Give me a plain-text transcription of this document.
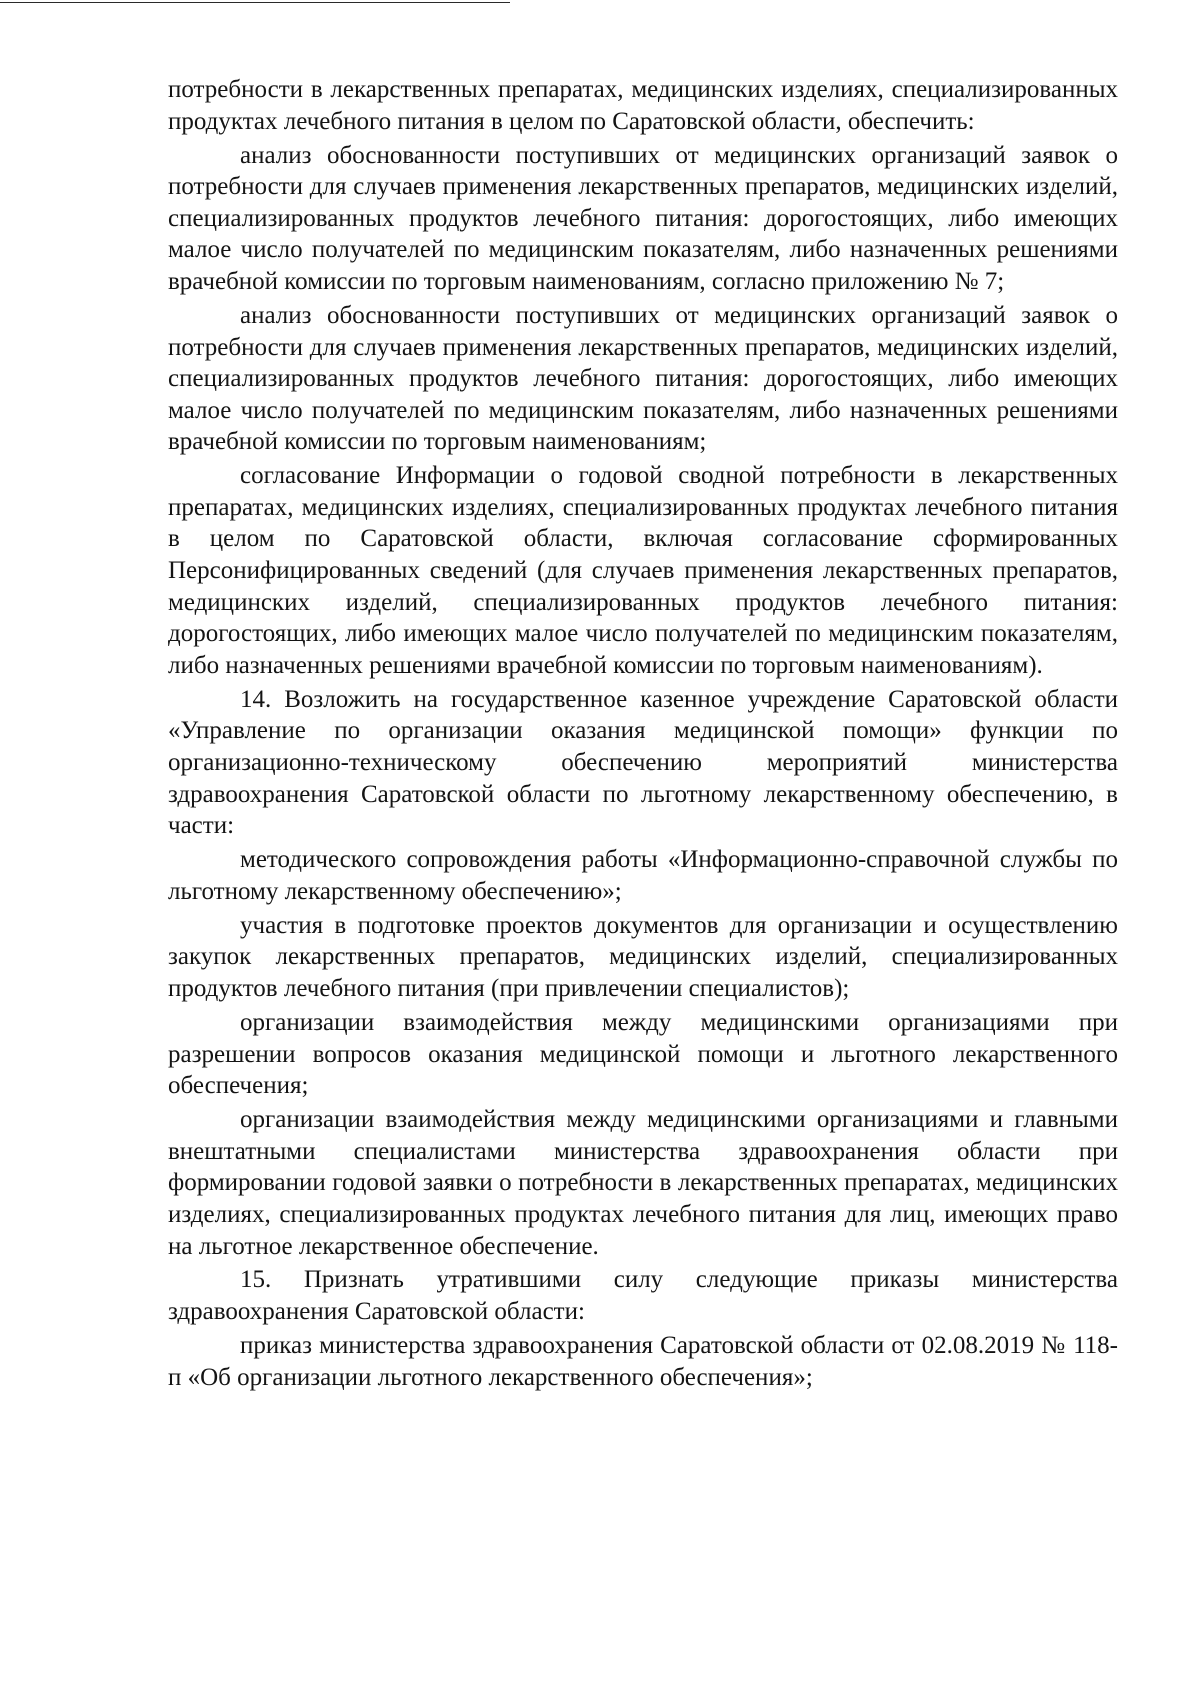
потребности в лекарственных препаратах, медицинских изделиях, специализированных продуктах лечебного питания в целом по Саратовской области, обеспечить:

анализ обоснованности поступивших от медицинских организаций заявок о потребности для случаев применения лекарственных препаратов, медицинских изделий, специализированных продуктов лечебного питания: дорогостоящих, либо имеющих малое число получателей по медицинским показателям, либо назначенных решениями врачебной комиссии по торговым наименованиям, согласно приложению № 7;

анализ обоснованности поступивших от медицинских организаций заявок о потребности для случаев применения лекарственных препаратов, медицинских изделий, специализированных продуктов лечебного питания: дорогостоящих, либо имеющих малое число получателей по медицинским показателям, либо назначенных решениями врачебной комиссии по торговым наименованиям;

согласование Информации о годовой сводной потребности в лекарственных препаратах, медицинских изделиях, специализированных продуктах лечебного питания в целом по Саратовской области, включая согласование сформированных Персонифицированных сведений (для случаев применения лекарственных препаратов, медицинских изделий, специализированных продуктов лечебного питания: дорогостоящих, либо имеющих малое число получателей по медицинским показателям, либо назначенных решениями врачебной комиссии по торговым наименованиям).

14. Возложить на государственное казенное учреждение Саратовской области «Управление по организации оказания медицинской помощи» функции по организационно-техническому обеспечению мероприятий министерства здравоохранения Саратовской области по льготному лекарственному обеспечению, в части:

методического сопровождения работы «Информационно-справочной службы по льготному лекарственному обеспечению»;

участия в подготовке проектов документов для организации и осуществлению закупок лекарственных препаратов, медицинских изделий, специализированных продуктов лечебного питания (при привлечении специалистов);

организации взаимодействия между медицинскими организациями при разрешении вопросов оказания медицинской помощи и льготного лекарственного обеспечения;

организации взаимодействия между медицинскими организациями и главными внештатными специалистами министерства здравоохранения области при формировании годовой заявки о потребности в лекарственных препаратах, медицинских изделиях, специализированных продуктах лечебного питания для лиц, имеющих право на льготное лекарственное обеспечение.

15. Признать утратившими силу следующие приказы министерства здравоохранения Саратовской области:

приказ министерства здравоохранения Саратовской области от 02.08.2019 № 118-п «Об организации льготного лекарственного обеспечения»;
